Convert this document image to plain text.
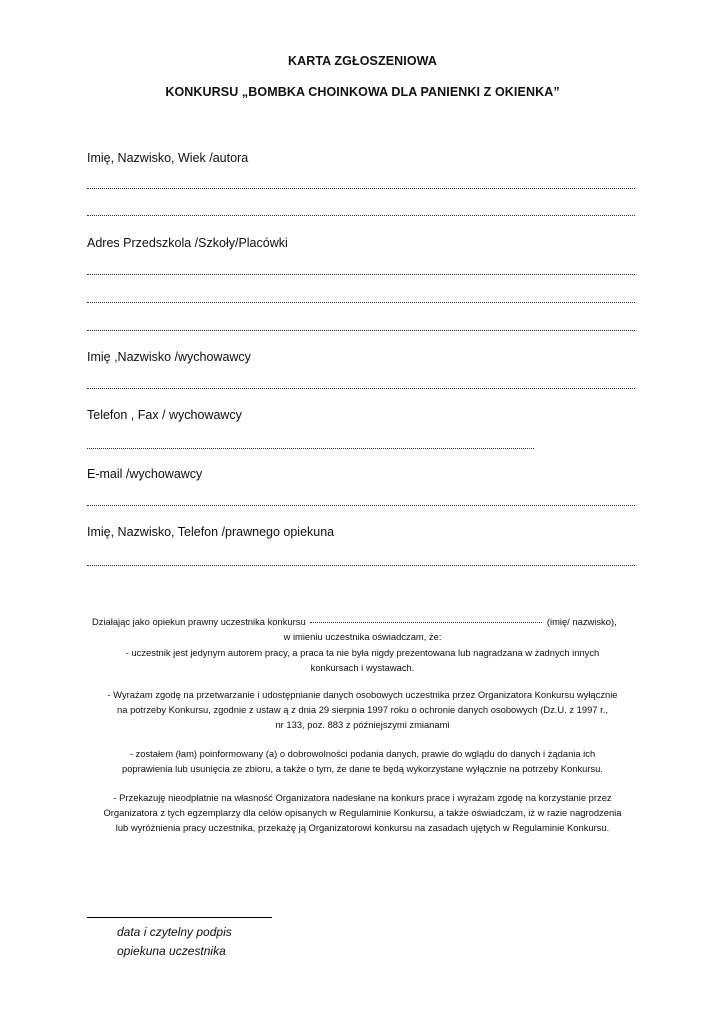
KARTA ZGŁOSZENIOWA
KONKURSU „BOMBKA CHOINKOWA DLA PANIENKI Z OKIENKA”
Imię, Nazwisko, Wiek /autora
Adres Przedszkola /Szkoły/Placówki
Imię ,Nazwisko /wychowawcy
Telefon , Fax / wychowawcy
E-mail /wychowawcy
Imię, Nazwisko, Telefon /prawnego opiekuna
Działając jako opiekun prawny uczestnika konkursu	(imię/ nazwisko),
w imieniu uczestnika oświadczam, że:
- uczestnik jest jedynym autorem pracy, a praca ta nie była nigdy prezentowana lub nagradzana w żadnych innych
konkursach i wystawach.
- Wyrażam zgodę na przetwarzanie i udostępnianie danych osobowych uczestnika przez Organizatora Konkursu wyłącznie
na potrzeby Konkursu, zgodnie z ustaw ą z dnia 29 sierpnia 1997 roku o ochronie danych osobowych (Dz.U. z 1997 r.,
nr 133, poz. 883 z późniejszymi zmianami
- zostałem (łam) poinformowany (a) o dobrowolności podania danych, prawie do wglądu do danych i żądania ich
poprawienia lub usunięcia ze zbioru, a także o tym, że dane te będą wykorzystane wyłącznie na potrzeby Konkursu.
- Przekazuję nieodpłatnie na własność Organizatora nadesłane na konkurs prace i wyrażam zgodę na korzystanie przez
Organizatora z tych egzemplarzy dla celów opisanych w Regulaminie Konkursu, a także oświadczam, iż w razie nagrodzenia
lub wyróżnienia pracy uczestnika, przekażę ją Organizatorowi konkursu na zasadach ujętych w Regulaminie Konkursu.
data i czytelny podpis
opiekuna uczestnika
